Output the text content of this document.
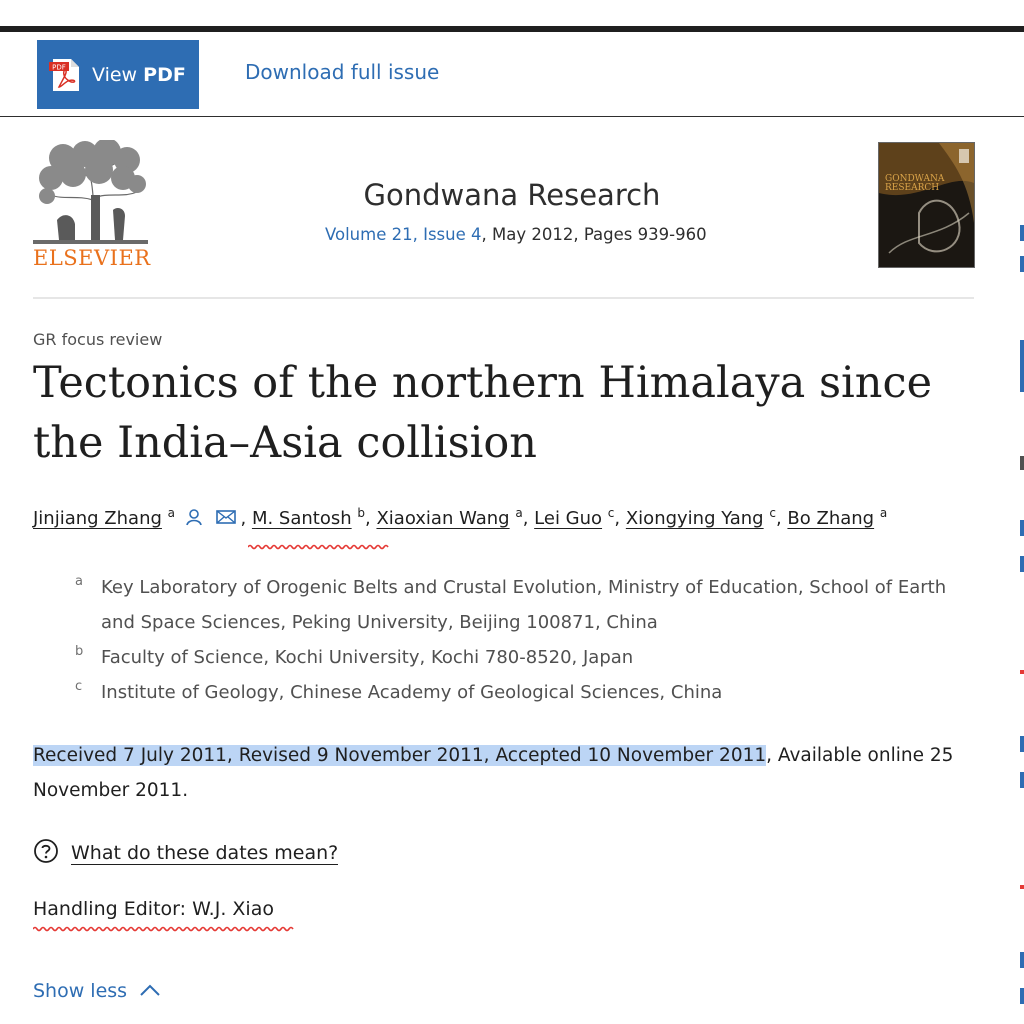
PDF View PDF	Download full issue
ELSEVIER
Gondwana Research
Volume 21, Issue 4, May 2012, Pages 939-960
GONDWANA RESEARCH
GR focus review
Tectonics of the northern Himalaya since the India–Asia collision
Jinjiang Zhang $^a$	, M. Santosh $^b$, Xiaoxian Wang $^a$, Lei Guo $^c$, Xiongying Yang $^c$, Bo Zhang $^a$
a	Key Laboratory of Orogenic Belts and Crustal Evolution, Ministry of Education, School of Earth and Space Sciences, Peking University, Beijing 100871, China
b Faculty of Science, Kochi University, Kochi 780-8520, Japan
c	Institute of Geology, Chinese Academy of Geological Sciences, China
Received 7 July 2011, Revised 9 November 2011, Accepted 10 November 2011, Available online 25 November 2011.
What do these dates mean?
Handling Editor: W.J. Xiao
Show less
